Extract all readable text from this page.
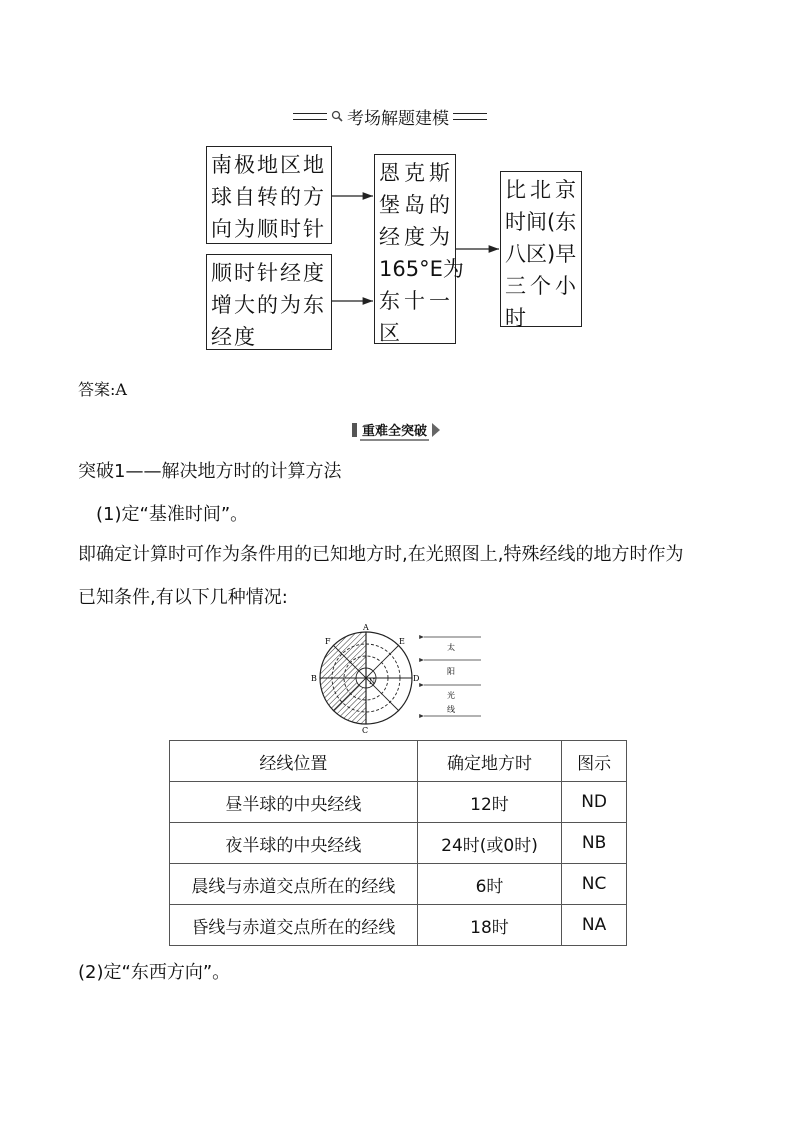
考场解题建模
南极地区地
球自转的方
向为顺时针
顺时针经度
增大的为东
经度
恩克斯
堡岛的
经度为
165°E为
东十一
区
比北京
时间(东
八区)早
三个小
时
答案:A
重难全突破
突破1——解决地方时的计算方法
(1)定“基准时间”。
即确定计算时可作为条件用的已知地方时,在光照图上,特殊经线的地方时作为
已知条件,有以下几种情况:
A
E
F
B	D
N
C
太
阳
光
线
经线位置	确定地方时	图示
昼半球的中央经线	12时	ND
夜半球的中央经线	24时(或0时)	NB
晨线与赤道交点所在的经线	6时	NC
昏线与赤道交点所在的经线	18时	NA
(2)定“东西方向”。
